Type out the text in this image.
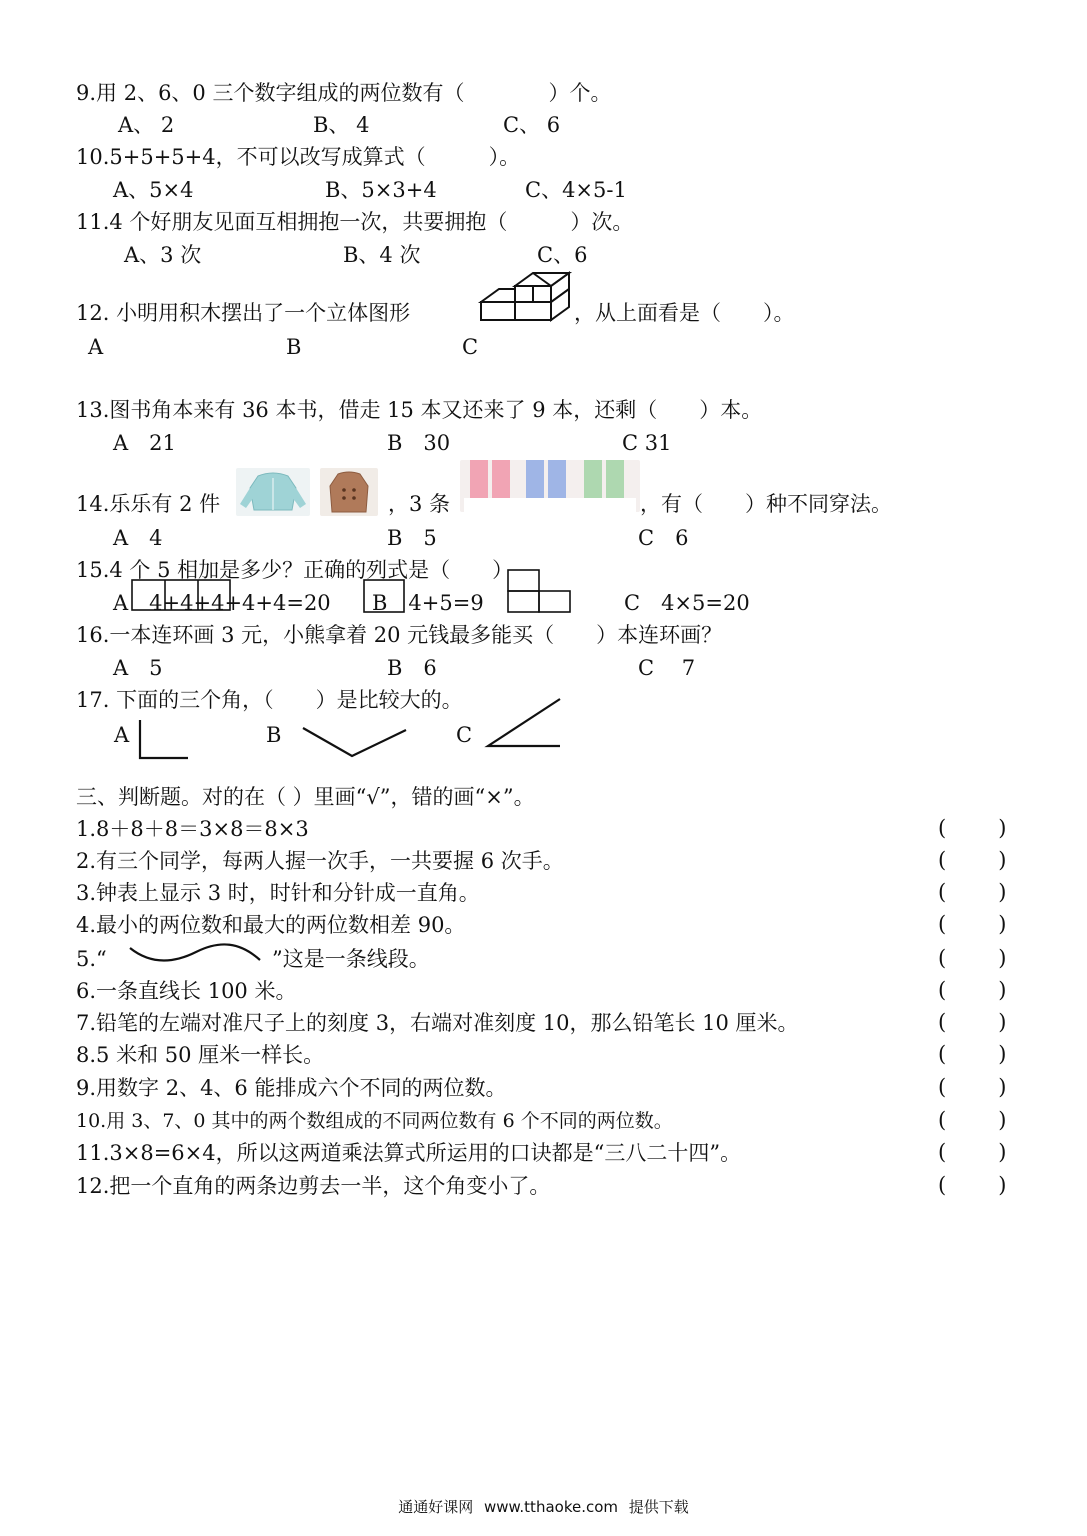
9.用 2、6、0 三个数字组成的两位数有（　　　　）个。
A、 2	B、 4	C、 6
10.5+5+5+4，不可以改写成算式（　　　）。
A、5×4	B、5×3+4	C、4×5-1
11.4 个好朋友见面互相拥抱一次，共要拥抱（　　　）次。
A、3 次	B、4 次	C、6
12. 小明用积木摆出了一个立体图形	，从上面看是（　　）。
A	B	C
13.图书角本来有 36 本书，借走 15 本又还来了 9 本，还剩（　　）本。
A　21	B　30	C 31
14.乐乐有 2 件	，3 条	，有（　　）种不同穿法。
A　4	B　5	C　6
15.4 个 5 相加是多少？正确的列式是（　　）
A　4+4+4+4+4=20 B　4+5=9	C　4×5=20
16.一本连环画 3 元，小熊拿着 20 元钱最多能买（　　）本连环画？
A　5	B　6	C　 7
17. 下面的三个角，（　　）是比较大的。
A	B	C
三、判断题。对的在（ ）里画“√”，错的画“×”。
1.8＋8＋8＝3×8＝8×3	( )
2.有三个同学，每两人握一次手，一共要握 6 次手。	( )
3.钟表上显示 3 时，时针和分针成一直角。	( )
4.最小的两位数和最大的两位数相差 90。	( )
5.“	”这是一条线段。	( )
6.一条直线长 100 米。	( )
7.铅笔的左端对准尺子上的刻度 3，右端对准刻度 10，那么铅笔长 10 厘米。	( )
8.5 米和 50 厘米一样长。	( )
9.用数字 2、4、6 能排成六个不同的两位数。	( )
10.用 3、7、0 其中的两个数组成的不同两位数有 6 个不同的两位数。	( )
11.3×8=6×4，所以这两道乘法算式所运用的口诀都是“三八二十四”。	( )
12.把一个直角的两条边剪去一半，这个角变小了。	( )
通通好课网 www.tthaoke.com 提供下载
